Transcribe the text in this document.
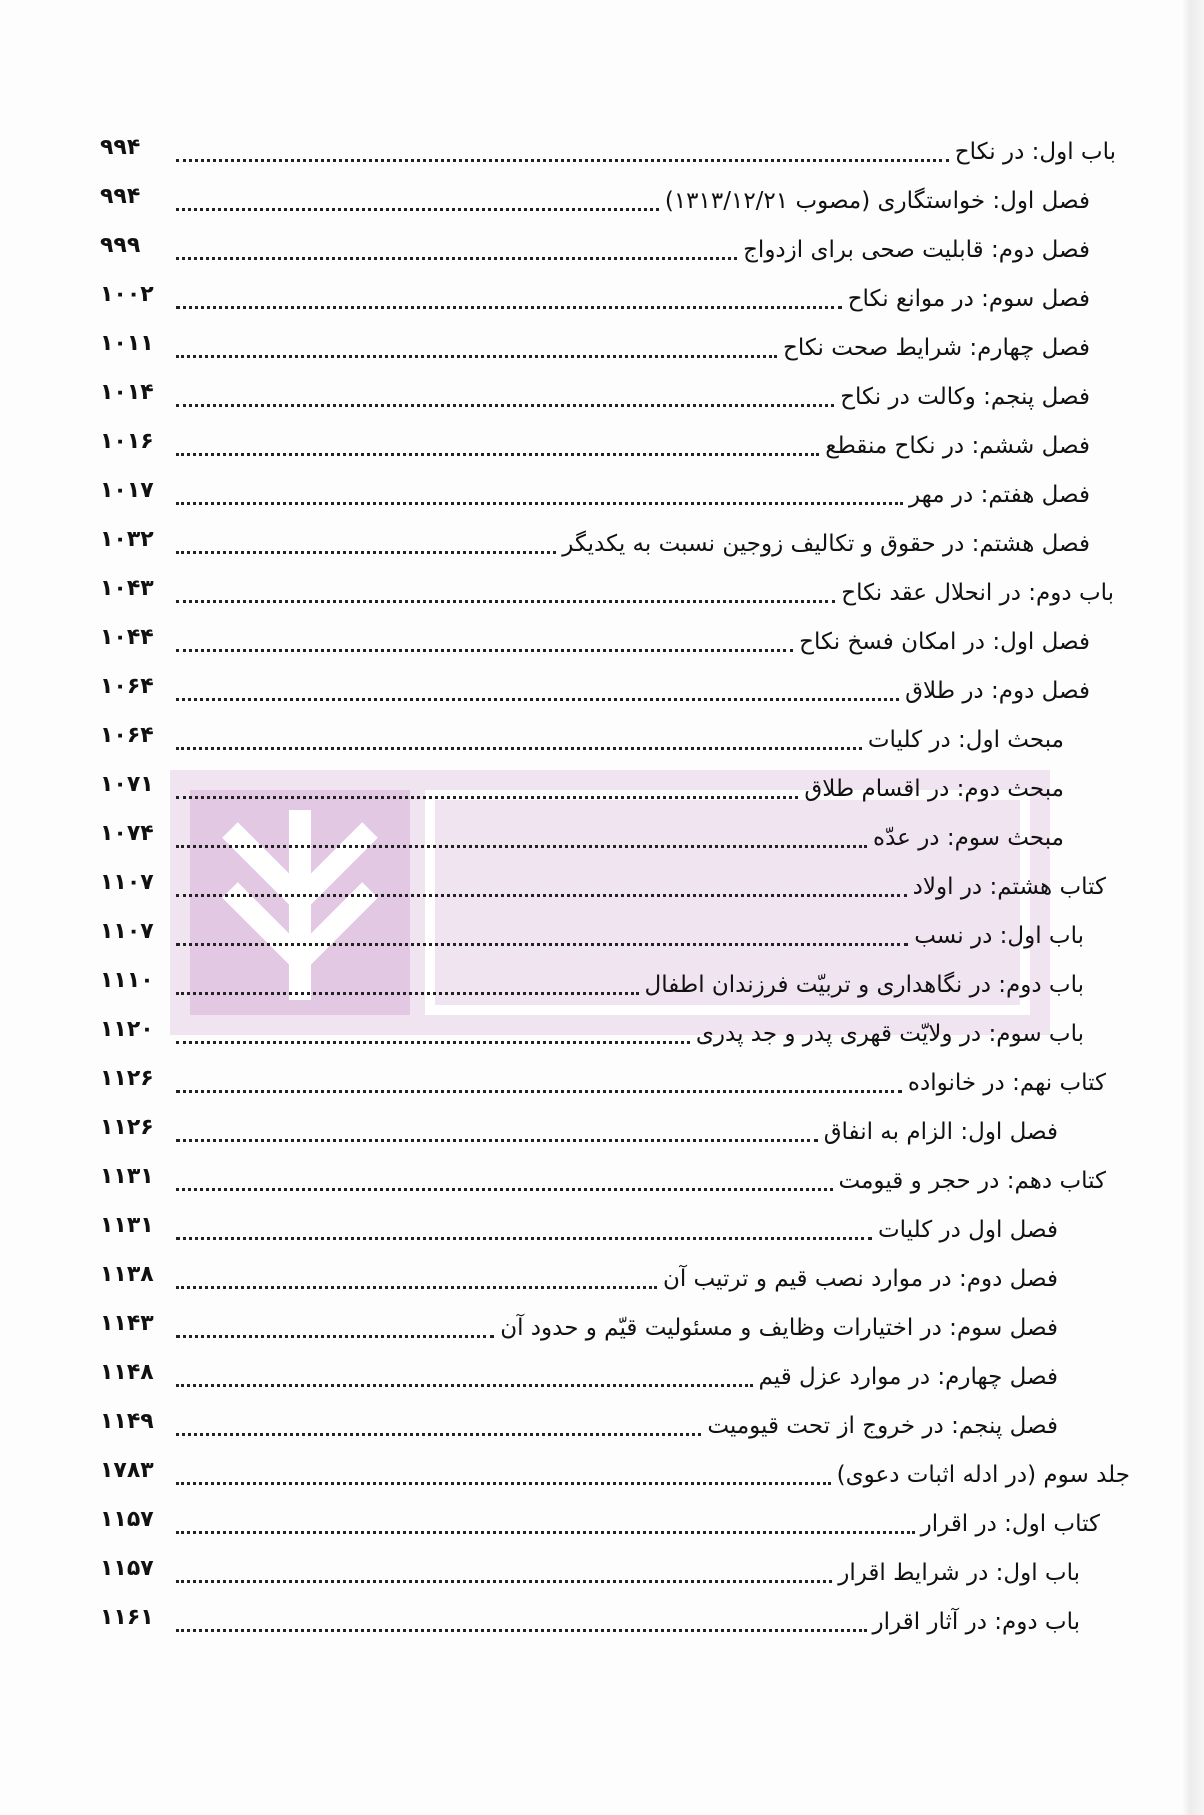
باب اول: در نکاح
۹۹۴
فصل اول: خواستگاری (مصوب ۱۳۱۳/۱۲/۲۱)
۹۹۴
فصل دوم: قابلیت صحی برای ازدواج
۹۹۹
فصل سوم: در موانع نکاح
۱۰۰۲
فصل چهارم: شرایط صحت نکاح
۱۰۱۱
فصل پنجم: وکالت در نکاح
۱۰۱۴
فصل ششم: در نکاح منقطع
۱۰۱۶
فصل هفتم: در مهر
۱۰۱۷
فصل هشتم: در حقوق و تکالیف زوجین نسبت به یکدیگر
۱۰۳۲
باب دوم: در انحلال عقد نکاح
۱۰۴۳
فصل اول: در امکان فسخ نکاح
۱۰۴۴
فصل دوم: در طلاق
۱۰۶۴
مبحث اول: در کلیات
۱۰۶۴
مبحث دوم: در اقسام طلاق
۱۰۷۱
مبحث سوم: در عدّه
۱۰۷۴
کتاب هشتم: در اولاد
۱۱۰۷
باب اول: در نسب
۱۱۰۷
باب دوم: در نگاهداری و تربیّت فرزندان اطفال
۱۱۱۰
باب سوم: در ولایّت قهری پدر و جد پدری
۱۱۲۰
کتاب نهم: در خانواده
۱۱۲۶
فصل اول: الزام به انفاق
۱۱۲۶
کتاب دهم: در حجر و قیومت
۱۱۳۱
فصل اول در کلیات
۱۱۳۱
فصل دوم: در موارد نصب قیم و ترتیب آن
۱۱۳۸
فصل سوم: در اختیارات وظایف و مسئولیت قیّم و حدود آن
۱۱۴۳
فصل چهارم: در موارد عزل قیم
۱۱۴۸
فصل پنجم: در خروج از تحت قیومیت
۱۱۴۹
جلد سوم (در ادله اثبات دعوی)
۱۷۸۳
کتاب اول: در اقرار
۱۱۵۷
باب اول: در شرایط اقرار
۱۱۵۷
باب دوم: در آثار اقرار
۱۱۶۱
